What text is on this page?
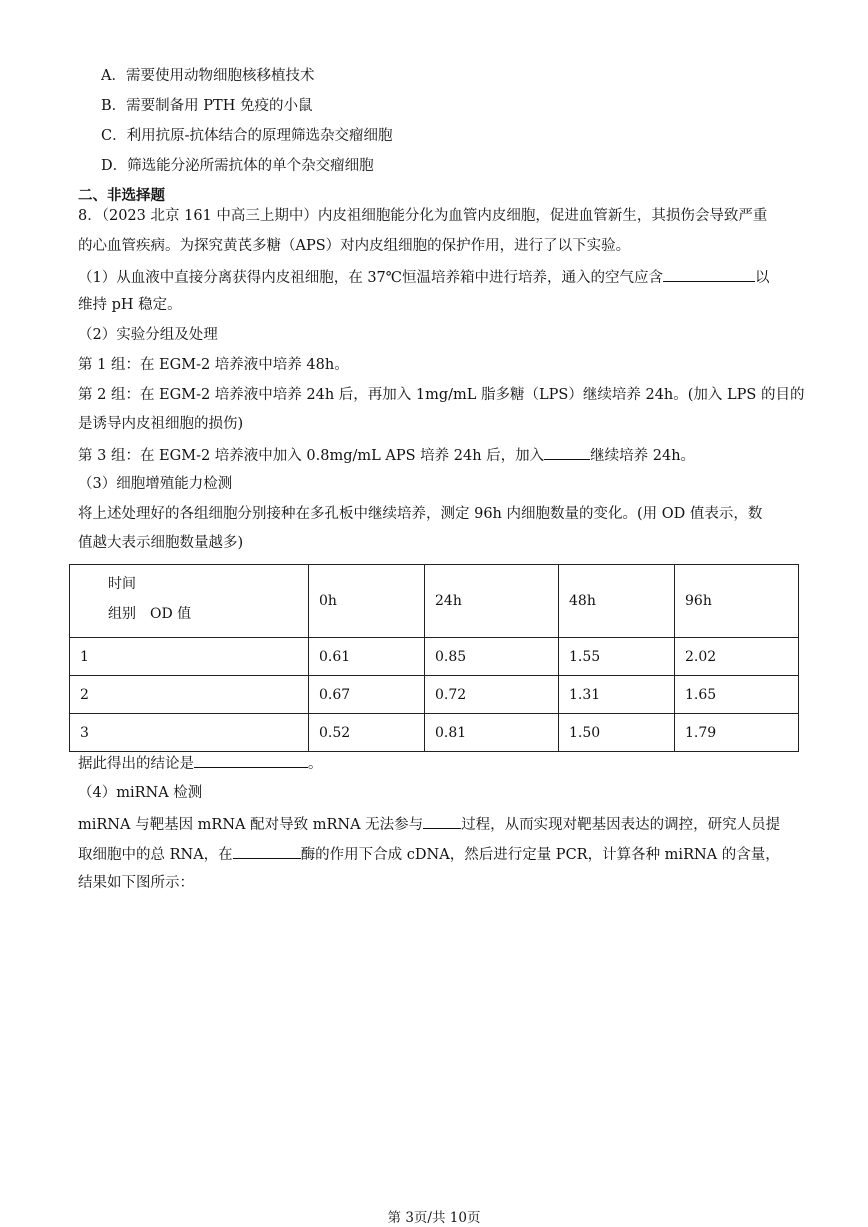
A．需要使用动物细胞核移植技术
B．需要制备用 PTH 免疫的小鼠
C．利用抗原-抗体结合的原理筛选杂交瘤细胞
D．筛选能分泌所需抗体的单个杂交瘤细胞
二、非选择题
8．（2023 北京 161 中高三上期中）内皮祖细胞能分化为血管内皮细胞，促进血管新生，其损伤会导致严重
的心血管疾病。为探究黄芪多糖（APS）对内皮组细胞的保护作用，进行了以下实验。
（1）从血液中直接分离获得内皮祖细胞，在 37℃恒温培养箱中进行培养，通入的空气应含	以
维持 pH 稳定。
（2）实验分组及处理
第 1 组：在 EGM-2 培养液中培养 48h。
第 2 组：在 EGM-2 培养液中培养 24h 后，再加入 1mg/mL 脂多糖（LPS）继续培养 24h。(加入 LPS 的目的
是诱导内皮祖细胞的损伤)
第 3 组：在 EGM-2 培养液中加入 0.8mg/mL APS 培养 24h 后，加入	继续培养 24h。
（3）细胞增殖能力检测
将上述处理好的各组细胞分别接种在多孔板中继续培养，测定 96h 内细胞数量的变化。(用 OD 值表示，数
值越大表示细胞数量越多)
时间
组别　OD 值	0h	24h	48h	96h
1	0.61	0.85	1.55	2.02
2	0.67	0.72	1.31	1.65
3	0.52	0.81	1.50	1.79
据此得出的结论是	。
（4）miRNA 检测
miRNA 与靶基因 mRNA 配对导致 mRNA 无法参与	过程，从而实现对靶基因表达的调控，研究人员提
取细胞中的总 RNA，在	酶的作用下合成 cDNA，然后进行定量 PCR，计算各种 miRNA 的含量，
结果如下图所示：
第 3页/共 10页
